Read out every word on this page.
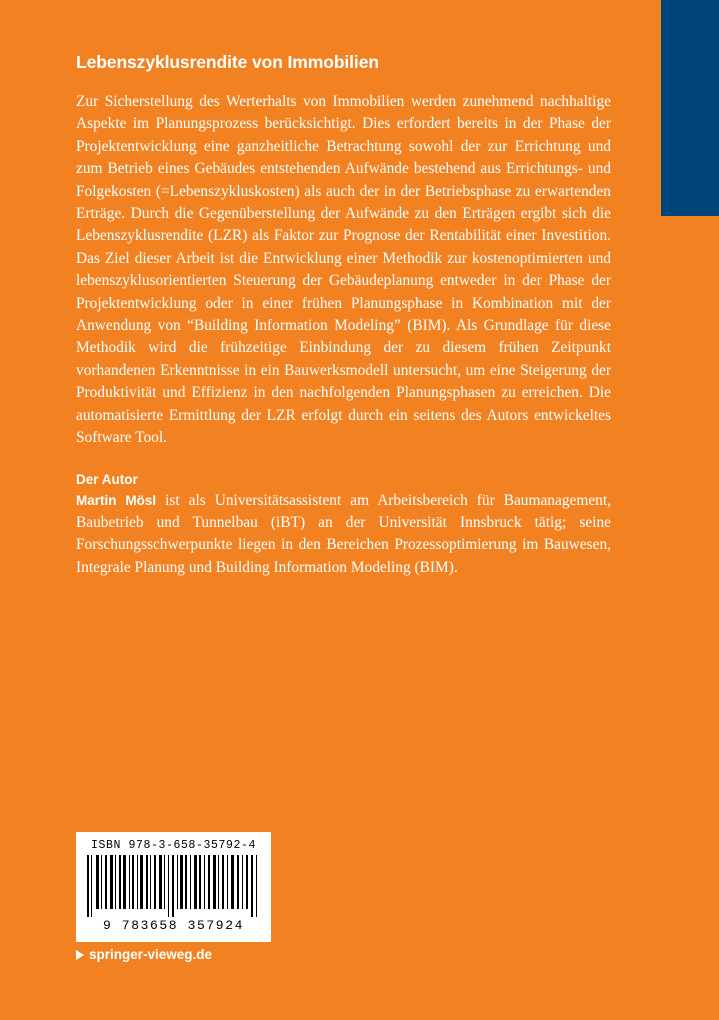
Lebenszyklusrendite von Immobilien

Zur Sicherstellung des Werterhalts von Immobilien werden zunehmend nachhaltige Aspekte im Planungsprozess berücksichtigt. Dies erfordert bereits in der Phase der Projektentwicklung eine ganzheitliche Betrachtung sowohl der zur Errichtung und zum Betrieb eines Gebäudes entstehenden Aufwände bestehend aus Errichtungs- und Folgekosten (=Lebenszykluskosten) als auch der in der Betriebsphase zu erwartenden Erträge. Durch die Gegenüberstellung der Aufwände zu den Erträgen ergibt sich die Lebenszyklusrendite (LZR) als Faktor zur Prognose der Rentabilität einer Investition. Das Ziel dieser Arbeit ist die Entwicklung einer Methodik zur kostenoptimierten und lebenszyklusorientierten Steuerung der Gebäudeplanung entweder in der Phase der Projektentwicklung oder in einer frühen Planungsphase in Kombination mit der Anwendung von “Building Information Modeling” (BIM). Als Grundlage für diese Methodik wird die frühzeitige Einbindung der zu diesem frühen Zeitpunkt vorhandenen Erkenntnisse in ein Bauwerksmodell untersucht, um eine Steigerung der Produktivität und Effizienz in den nachfolgenden Planungsphasen zu erreichen. Die automatisierte Ermittlung der LZR erfolgt durch ein seitens des Autors entwickeltes Software Tool.

Der Autor

Martin Mösl ist als Universitätsassistent am Arbeitsbereich für Baumanagement, Baubetrieb und Tunnelbau (iBT) an der Universität Innsbruck tätig; seine Forschungsschwerpunkte liegen in den Bereichen Prozessoptimierung im Bauwesen, Integrale Planung und Building Information Modeling (BIM).

ISBN 978-3-658-35792-4
9 783658 357924
springer-vieweg.de
